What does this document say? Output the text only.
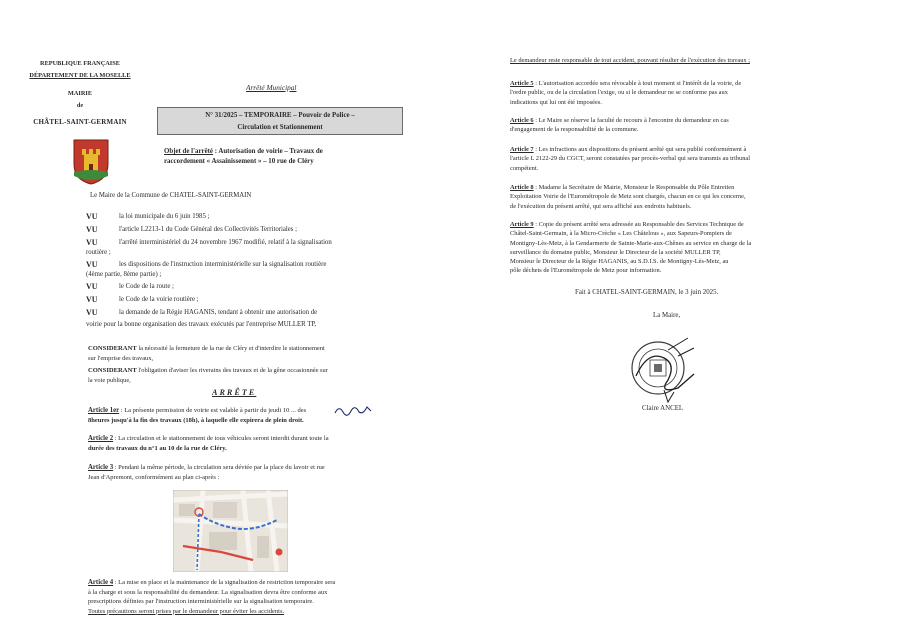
REPUBLIQUE FRANÇAISE
DÉPARTEMENT DE LA MOSELLE
MAIRIE
de
CHÂTEL-SAINT-GERMAIN
Arrêté Municipal
N° 31/2025 – TEMPORAIRE – Pouvoir de Police –
Circulation et Stationnement
Objet de l'arrêté : Autorisation de voirie – Travaux de
raccordement « Assainissement » – 10 rue de Cléry
Le Maire de la Commune de CHATEL-SAINT-GERMAIN
VU	la loi municipale du 6 juin 1985 ;
VU	l'article L2213-1 du Code Général des Collectivités Territoriales ;
VU	l'arrêté interministériel du 24 novembre 1967 modifié, relatif à la signalisation
routière ;
VU	les dispositions de l'instruction interministérielle sur la signalisation routière
(4ème partie, 8ème partie) ;
VU	le Code de la route ;
VU	le Code de la voirie routière ;
VU	la demande de la Régie HAGANIS, tendant à obtenir une autorisation de
voirie pour la bonne organisation des travaux exécutés par l'entreprise MULLER TP,
CONSIDERANT la nécessité la fermeture de la rue de Cléry et d'interdire le stationnement
sur l'emprise des travaux,
CONSIDERANT l'obligation d'aviser les riverains des travaux et de la gêne occasionnée sur
la voie publique,
ARRÊTE
Article 1er : La présente permission de voirie est valable à partir du jeudi 10 ... des
8heures jusqu'à la fin des travaux (18h), à laquelle elle expirera de plein droit.
Article 2 : La circulation et le stationnement de tous véhicules seront interdit durant toute la
durée des travaux du n°1 au 10 de la rue de Cléry.
Article 3 : Pendant la même période, la circulation sera déviée par la place du lavoir et rue
Jean d'Apremont, conformément au plan ci-après :
Article 4 : La mise en place et la maintenance de la signalisation de restriction temporaire sera
à la charge et sous la responsabilité du demandeur. La signalisation devra être conforme aux
prescriptions définies par l'instruction interministérielle sur la signalisation temporaire.
Toutes précautions seront prises par le demandeur pour éviter les accidents.
Le demandeur reste responsable de tout accident, pouvant résulter de l'exécution des travaux ;
Article 5 : L'autorisation accordée sera révocable à tout moment si l'intérêt de la voirie, de
l'ordre public, ou de la circulation l'exige, ou si le demandeur ne se conforme pas aux
indications qui lui ont été imposées.
Article 6 : Le Maire se réserve la faculté de recours à l'encontre du demandeur en cas
d'engagement de la responsabilité de la commune.
Article 7 : Les infractions aux dispositions du présent arrêté qui sera publié conformément à
l'article L 2122-29 du CGCT, seront constatées par procès-verbal qui sera transmis au tribunal
compétent.
Article 8 : Madame la Secrétaire de Mairie, Monsieur le Responsable du Pôle Entretien
Exploitation Voirie de l'Eurométropole de Metz sont chargés, chacun en ce qui les concerne,
de l'exécution du présent arrêté, qui sera affiché aux endroits habituels.
Article 9 : Copie du présent arrêté sera adressée au Responsable des Services Technique de
Châtel-Saint-Germain, à la Micro-Crèche « Les Châtelous », aux Sapeurs-Pompiers de
Montigny-Lès-Metz, à la Gendarmerie de Sainte-Marie-aux-Chênes au service en charge de la
surveillance du domaine public, Monsieur le Directeur de la société MULLER TP,
Monsieur le Directeur de la Régie HAGANIS, au S.D.I.S. de Montigny-Lès-Metz, au
pôle déchets de l'Eurométropole de Metz pour information.
Fait à CHATEL-SAINT-GERMAIN, le 3 juin 2025.
La Maire,
Claire ANCEL
